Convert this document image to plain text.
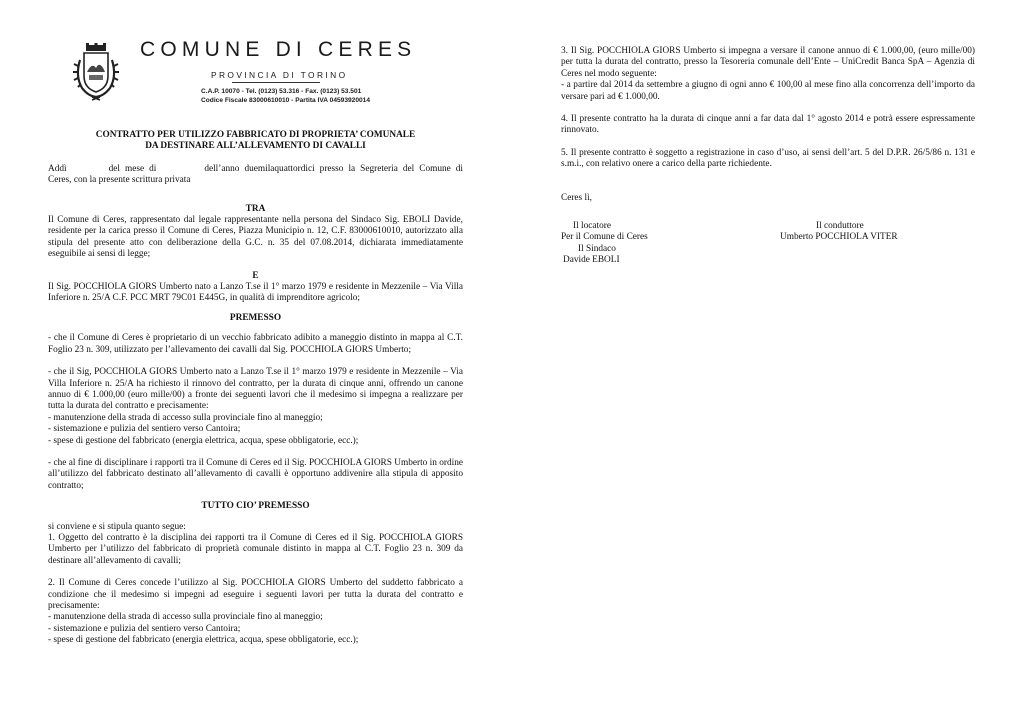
COMUNE DI CERES
PROVINCIA DI TORINO
C.A.P. 10070 - Tel. (0123) 53.316 - Fax. (0123) 53.501
Codice Fiscale 83000610010 - Partita IVA 04593920014
CONTRATTO PER UTILIZZO FABBRICATO DI PROPRIETA’ COMUNALE
DA DESTINARE ALL’ALLEVAMENTO DI CAVALLI

Addì	del mese di	dell’anno duemilaquattordici presso la Segreteria del Comune di Ceres, con la presente scrittura privata

TRA

Il Comune di Ceres, rappresentato dal legale rappresentante nella persona del Sindaco Sig. EBOLI Davide, residente per la carica presso il Comune di Ceres, Piazza Municipio n. 12, C.F. 83000610010, autorizzato alla stipula del presente atto con deliberazione della G.C. n. 35 del 07.08.2014, dichiarata immediatamente eseguibile ai sensi di legge;

E

Il Sig. POCCHIOLA GIORS Umberto nato a Lanzo T.se il 1° marzo 1979 e residente in Mezzenile – Via Villa Inferiore n. 25/A C.F. PCC MRT 79C01 E445G, in qualità di imprenditore agricolo;

PREMESSO

- che il Comune di Ceres è proprietario di un vecchio fabbricato adibito a maneggio distinto in mappa al C.T. Foglio 23 n. 309, utilizzato per l’allevamento dei cavalli dal Sig. POCCHIOLA GIORS Umberto;

- che il Sig, POCCHIOLA GIORS Umberto nato a Lanzo T.se il 1° marzo 1979 e residente in Mezzenile – Via Villa Inferiore n. 25/A ha richiesto il rinnovo del contratto, per la durata di cinque anni, offrendo un canone annuo di € 1.000,00 (euro mille/00) a fronte dei seguenti lavori che il medesimo si impegna a realizzare per tutta la durata del contratto e precisamente:

- manutenzione della strada di accesso sulla provinciale fino al maneggio;

- sistemazione e pulizia del sentiero verso Cantoira;

- spese di gestione del fabbricato (energia elettrica, acqua, spese obbligatorie, ecc.);

- che al fine di disciplinare i rapporti tra il Comune di Ceres ed il Sig. POCCHIOLA GIORS Umberto in ordine all’utilizzo del fabbricato destinato all’allevamento di cavalli è opportuno addivenire alla stipula di apposito contratto;

TUTTO CIO’ PREMESSO

si conviene e si stipula quanto segue:

1. Oggetto del contratto è la disciplina dei rapporti tra il Comune di Ceres ed il Sig. POCCHIOLA GIORS Umberto per l’utilizzo del fabbricato di proprietà comunale distinto in mappa al C.T. Foglio 23 n. 309 da destinare all’allevamento di cavalli;

2. Il Comune di Ceres concede l’utilizzo al Sig. POCCHIOLA GIORS Umberto del suddetto fabbricato a condizione che il medesimo si impegni ad eseguire i seguenti lavori per tutta la durata del contratto e precisamente:

- manutenzione della strada di accesso sulla provinciale fino al maneggio;

- sistemazione e pulizia del sentiero verso Cantoira;

- spese di gestione del fabbricato (energia elettrica, acqua, spese obbligatorie, ecc.);

3. Il Sig. POCCHIOLA GIORS Umberto si impegna a versare il canone annuo di € 1.000,00, (euro mille/00) per tutta la durata del contratto, presso la Tesoreria comunale dell’Ente – UniCredit Banca SpA – Agenzia di Ceres nel modo seguente:

- a partire dal 2014 da settembre a giugno di ogni anno € 100,00 al mese fino alla concorrenza dell’importo da versare pari ad € 1.000,00.

4. Il presente contratto ha la durata di cinque anni a far data dal 1° agosto 2014 e potrà essere espressamente rinnovato.

5. Il presente contratto è soggetto a registrazione in caso d’uso, ai sensi dell’art. 5 del D.P.R. 26/5/86 n. 131 e s.m.i., con relativo onere a carico della parte richiedente.

Ceres lì,

Il locatore
Per il Comune di Ceres
Il Sindaco
Davide EBOLI
Il conduttore
Umberto POCCHIOLA VITER
